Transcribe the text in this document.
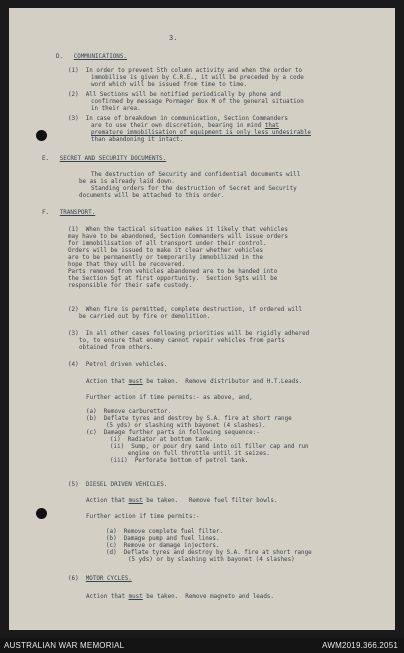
3.
D.   COMMUNICATIONS.
(1)  In order to prevent 5th column activity and when the order to
immobilise is given by C.R.E., it will be preceded by a code
word which will be issued from time to time.
(2)  All Sections will be notified periodically by phone and
confirmed by message Pormager Box M of the general situation
in their area.
(3)  In case of breakdown in communication, Section Commanders
are to use their own discretion, bearing in mind that
premature immobilisation of equipment is only less undesirable
than abandoning it intact.
E.   SECRET AND SECURITY DOCUMENTS.
The destruction of Security and confidential documents will
be as is already laid down.
Standing orders for the destruction of Secret and Security
documents will be attached to this order.
F.   TRANSPORT.
(1)  When the tactical situation makes it likely that vehicles
may have to be abandoned, Section Commanders will issue orders
for immobilisation of all transport under their control.
Orders will be issued to make it clear whether vehicles
are to be permanently or temporarily immobilized in the
hope that they will be recovered.
Parts removed from vehicles abandoned are to be handed into
the Section Sgt at first opportunity.  Section Sgts will be
responsible for their safe custody.
(2)  When fire is permitted, complete destruction, if ordered will
be carried out by fire or demolition.
(3)  In all other cases following priorities will be rigidly adhered
to, to ensure that enemy cannot repair vehicles from parts
obtained from others.
(4)  Petrol driven vehicles.
Action that must be taken.  Remove distributor and H.T.Leads.
Further action if time permits:- as above, and,
(a)  Remove carburettor.
(b)  Deflate tyres and destroy by S.A. fire at short range
(5 yds) or slashing with bayonet (4 slashes).
(c)  Damage further parts in following sequence:-
(i)  Radiator at bottom tank.
(ii)  Sump, or pour dry sand into oil filler cap and run
engine on full throttle until it seizes.
(iii)  Perforate bottom of petrol tank.
(5)  DIESEL DRIVEN VEHICLES.
Action that must be taken.   Remove fuel filter bowls.
Further action if time permits:-
(a)  Remove complete fuel filter.
(b)  Damage pump and fuel lines.
(c)  Remove or damage injectors.
(d)  Deflate tyres and destroy by S.A. fire at short range
(5 yds) or by slashing with bayonet (4 slashes)
(6)  MOTOR CYCLES.
Action that must be taken.  Remove magneto and leads.
AUSTRALIAN WAR MEMORIAL	AWM2019.366.2051
